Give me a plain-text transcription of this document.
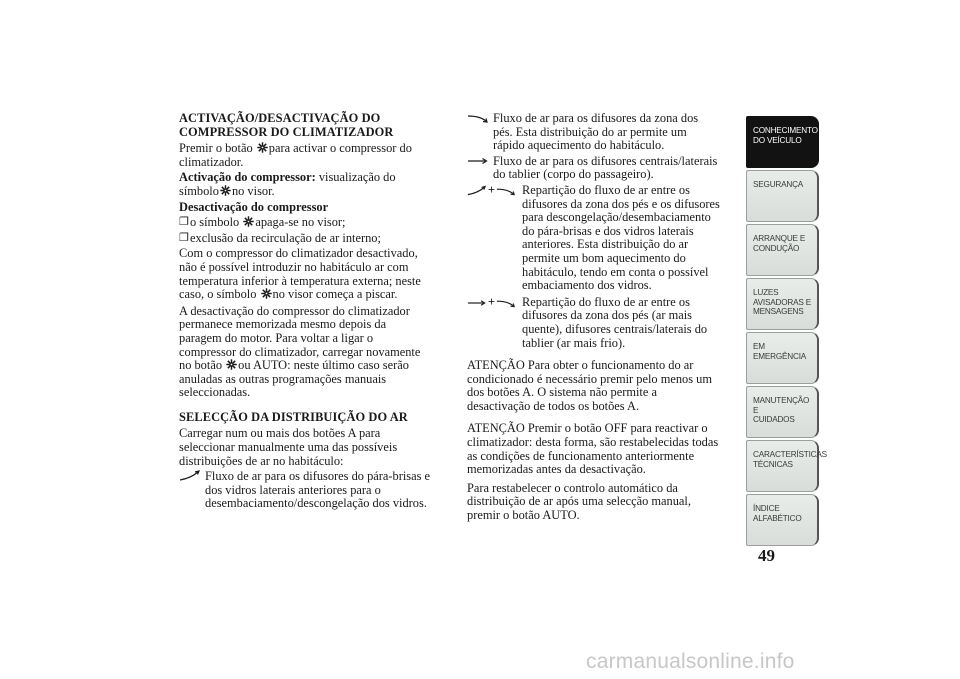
ACTIVAÇÃO/DESACTIVAÇÃO DO
COMPRESSOR DO CLIMATIZADOR
Premir o botão para activar o compressor do
climatizador.
Activação do compressor: visualização do
símbolo no visor.
Desactivação do compressor
❐ o símbolo apaga-se no visor;
❐ exclusão da recirculação de ar interno;
Com o compressor do climatizador desactivado,
não é possível introduzir no habitáculo ar com
temperatura inferior à temperatura externa; neste
caso, o símbolo no visor começa a piscar.
A desactivação do compressor do climatizador
permanece memorizada mesmo depois da
paragem do motor. Para voltar a ligar o
compressor do climatizador, carregar novamente
no botão ou AUTO: neste último caso serão
anuladas as outras programações manuais
seleccionadas.
SELECÇÃO DA DISTRIBUIÇÃO DO AR
Carregar num ou mais dos botões A para
seleccionar manualmente uma das possíveis
distribuições de ar no habitáculo:
Fluxo de ar para os difusores do pára-brisas e
dos vidros laterais anteriores para o
desembaciamento/descongelação dos vidros.
Fluxo de ar para os difusores da zona dos
pés. Esta distribuição do ar permite um
rápido aquecimento do habitáculo.
Fluxo de ar para os difusores centrais/laterais
do tablier (corpo do passageiro).
+ Repartição do fluxo de ar entre os
difusores da zona dos pés e os difusores
para descongelação/desembaciamento
do pára-brisas e dos vidros laterais
anteriores. Esta distribuição do ar
permite um bom aquecimento do
habitáculo, tendo em conta o possível
embaciamento dos vidros.
+ Repartição do fluxo de ar entre os
difusores da zona dos pés (ar mais
quente), difusores centrais/laterais do
tablier (ar mais frio).
ATENÇÃO Para obter o funcionamento do ar
condicionado é necessário premir pelo menos um
dos botões A. O sistema não permite a
desactivação de todos os botões A.
ATENÇÃO Premir o botão OFF para reactivar o
climatizador: desta forma, são restabelecidas todas
as condições de funcionamento anteriormente
memorizadas antes da desactivação.
Para restabelecer o controlo automático da
distribuição de ar após uma selecção manual,
premir o botão AUTO.
CONHECIMENTO
DO VEÍCULO
SEGURANÇA
ARRANQUE E
CONDUÇÃO
LUZES
AVISADORAS E
MENSAGENS
EM EMERGÊNCIA
MANUTENÇÃO E
CUIDADOS
CARACTERÍSTICAS
TÉCNICAS
ÍNDICE
ALFABÉTICO
49
carmanualsonline.info
